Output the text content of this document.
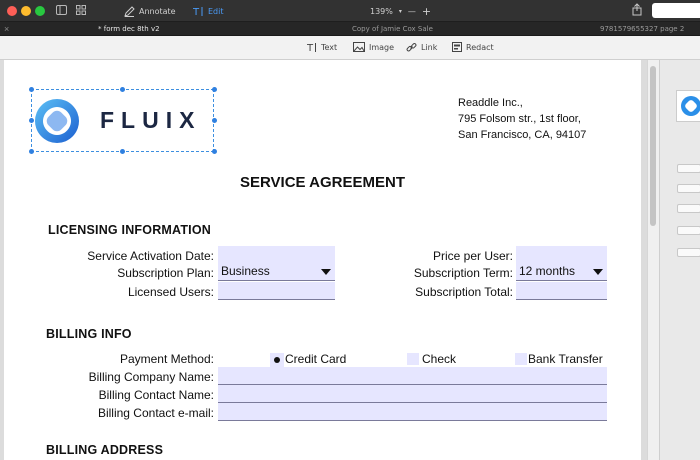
Annotate T Edit	139% ▾ — +
×	* form dec 8th v2	Copy of Jamie Cox Sale	9781579655327 page 2
T Text	Image	Link	Redact
FLUIX
Readdle Inc.,
795 Folsom str., 1st floor,
San Francisco, CA, 94107
SERVICE AGREEMENT
LICENSING INFORMATION
Service Activation Date:
Subscription Plan: Business
Licensed Users:
Price per User:
Subscription Term: 12 months
Subscription Total:
BILLING INFO
Payment Method:	Credit Card	Check	Bank Transfer
Billing Company Name:
Billing Contact Name:
Billing Contact e-mail:
BILLING ADDRESS
